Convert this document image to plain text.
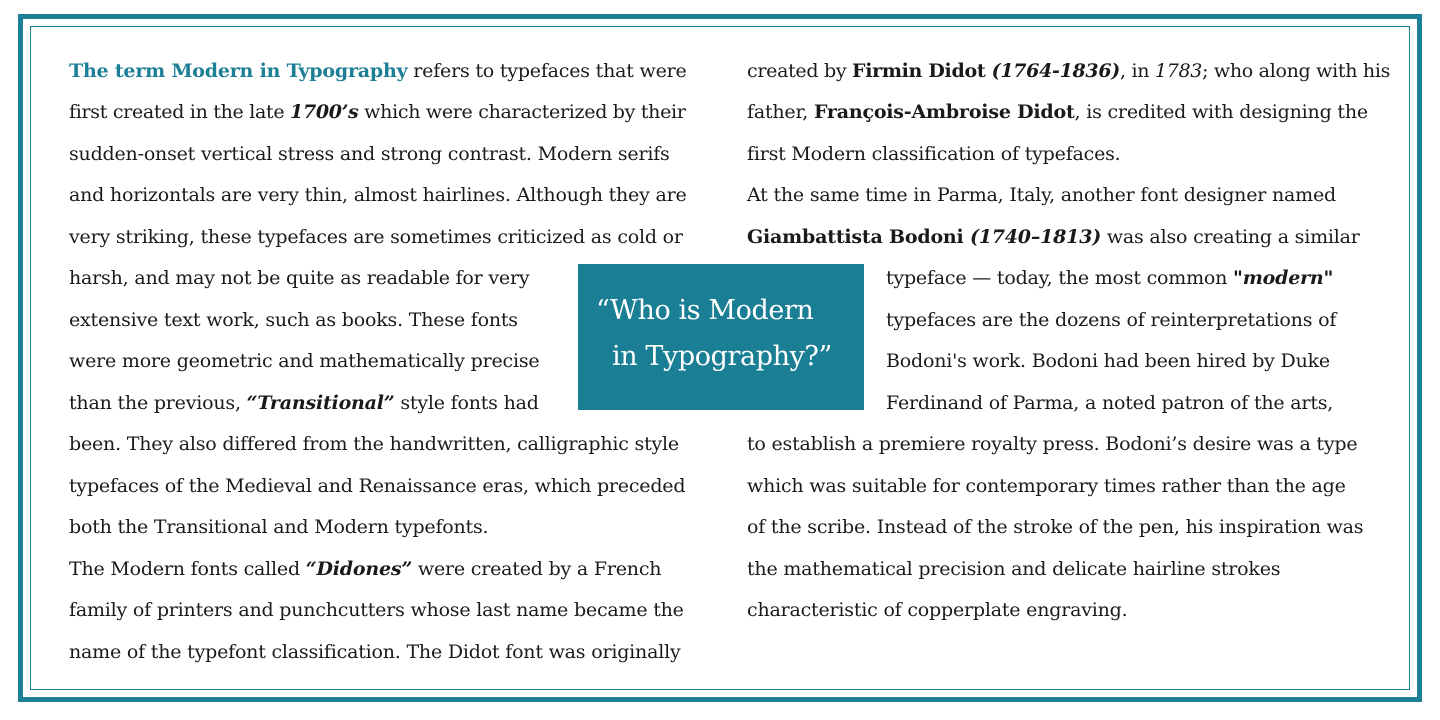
The term Modern in Typography refers to typefaces that were
first created in the late 1700’s which were characterized by their
sudden-onset vertical stress and strong contrast. Modern serifs
and horizontals are very thin, almost hairlines. Although they are
very striking, these typefaces are sometimes criticized as cold or
harsh, and may not be quite as readable for very
extensive text work, such as books. These fonts
were more geometric and mathematically precise
than the previous, “Transitional” style fonts had
been. They also differed from the handwritten, calligraphic style
typefaces of the Medieval and Renaissance eras, which preceded
both the Transitional and Modern typefonts.
The Modern fonts called “Didones” were created by a French
family of printers and punchcutters whose last name became the
name of the typefont classification. The Didot font was originally
“Who is Modern
in Typography?”
created by Firmin Didot (1764-1836), in 1783; who along with his
father, François-Ambroise Didot, is credited with designing the
first Modern classification of typefaces.
At the same time in Parma, Italy, another font designer named
Giambattista Bodoni (1740–1813) was also creating a similar
typeface — today, the most common "modern"
typefaces are the dozens of reinterpretations of
Bodoni's work. Bodoni had been hired by Duke
Ferdinand of Parma, a noted patron of the arts,
to establish a premiere royalty press. Bodoni’s desire was a type
which was suitable for contemporary times rather than the age
of the scribe. Instead of the stroke of the pen, his inspiration was
the mathematical precision and delicate hairline strokes
characteristic of copperplate engraving.
